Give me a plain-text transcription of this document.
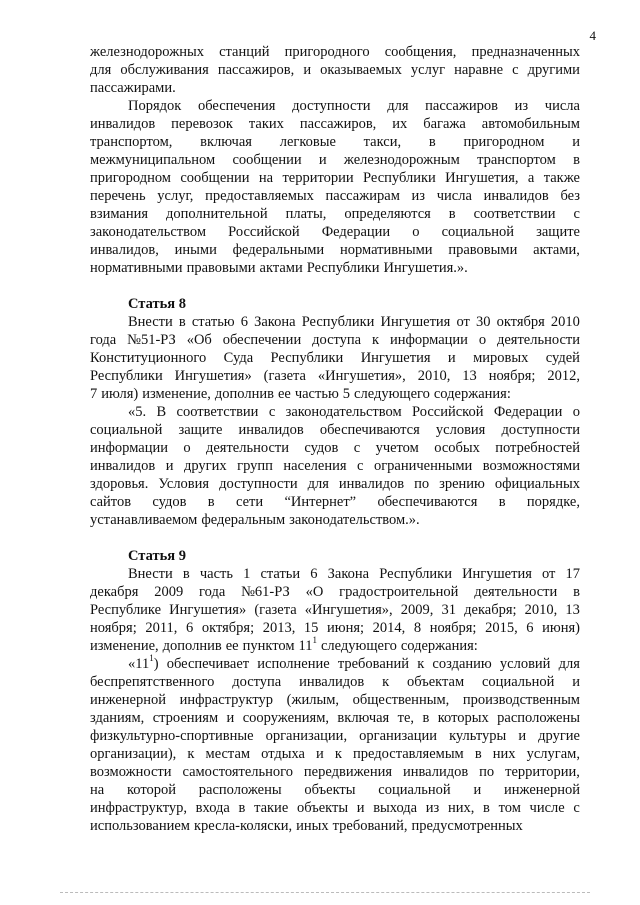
4
железнодорожных станций пригородного сообщения, предназначенных
для обслуживания пассажиров, и оказываемых услуг наравне с другими
пассажирами.
Порядок обеспечения доступности для пассажиров из числа
инвалидов перевозок таких пассажиров, их багажа автомобильным
транспортом, включая легковые такси, в пригородном и
межмуниципальном сообщении и железнодорожным транспортом в
пригородном сообщении на территории Республики Ингушетия, а также
перечень услуг, предоставляемых пассажирам из числа инвалидов без
взимания дополнительной платы, определяются в соответствии с
законодательством Российской Федерации о социальной защите
инвалидов, иными федеральными нормативными правовыми актами,
нормативными правовыми актами Республики Ингушетия.».
Статья 8
Внести в статью 6 Закона Республики Ингушетия от 30 октября 2010
года №51-РЗ «Об обеспечении доступа к информации о деятельности
Конституционного Суда Республики Ингушетия и мировых судей
Республики Ингушетия» (газета «Ингушетия», 2010, 13 ноября; 2012,
7 июля) изменение, дополнив ее частью 5 следующего содержания:
«5. В соответствии с законодательством Российской Федерации о
социальной защите инвалидов обеспечиваются условия доступности
информации о деятельности судов с учетом особых потребностей
инвалидов и других групп населения с ограниченными возможностями
здоровья. Условия доступности для инвалидов по зрению официальных
сайтов судов в сети “Интернет” обеспечиваются в порядке,
устанавливаемом федеральным законодательством.».
Статья 9
Внести в часть 1 статьи 6 Закона Республики Ингушетия от 17
декабря 2009 года №61-РЗ «О градостроительной деятельности в
Республике Ингушетия» (газета «Ингушетия», 2009, 31 декабря; 2010, 13
ноября; 2011, 6 октября; 2013, 15 июня; 2014, 8 ноября; 2015, 6 июня)
изменение, дополнив ее пунктом $11^1$ следующего содержания:
«$11^1$) обеспечивает исполнение требований к созданию условий для
беспрепятственного доступа инвалидов к объектам социальной и
инженерной инфраструктур (жилым, общественным, производственным
зданиям, строениям и сооружениям, включая те, в которых расположены
физкультурно-спортивные организации, организации культуры и другие
организации), к местам отдыха и к предоставляемым в них услугам,
возможности самостоятельного передвижения инвалидов по территории,
на которой расположены объекты социальной и инженерной
инфраструктур, входа в такие объекты и выхода из них, в том числе с
использованием кресла-коляски, иных требований, предусмотренных
